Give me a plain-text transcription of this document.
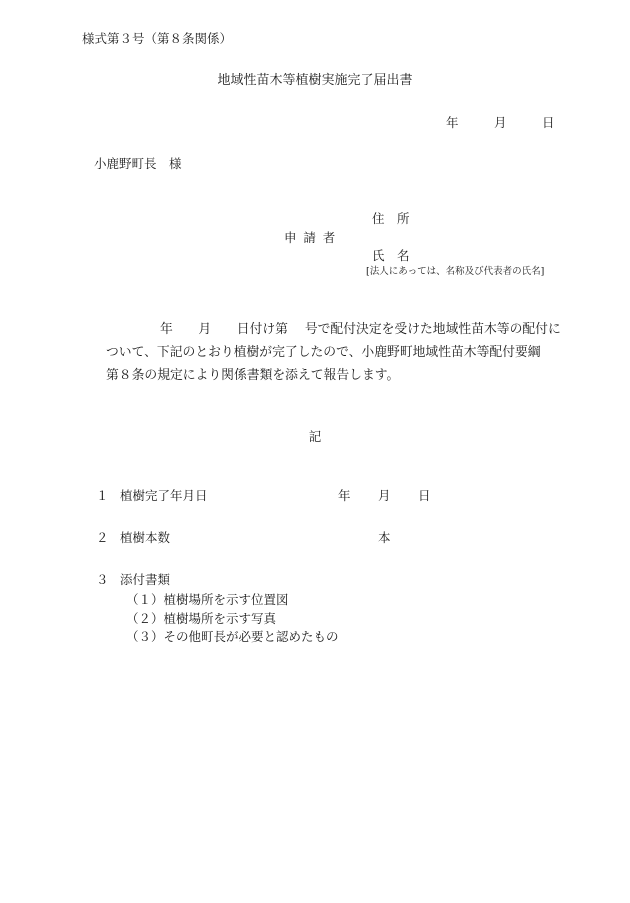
様式第３号（第８条関係）
地域性苗木等植樹実施完了届出書
年	月	日
小鹿野町長　様
住　所
申請者
氏　名
[法人にあっては、名称及び代表者の氏名]
年　　月　　日付け第　 号で配付決定を受けた地域性苗木等の配付に
ついて、下記のとおり植樹が完了したので、小鹿野町地域性苗木等配付要綱
第８条の規定により関係書類を添えて報告します。
記
１ 植樹完了年月日	年 月 日
２ 植樹本数	本
３ 添付書類
（１）植樹場所を示す位置図
（２）植樹場所を示す写真
（３）その他町長が必要と認めたもの
